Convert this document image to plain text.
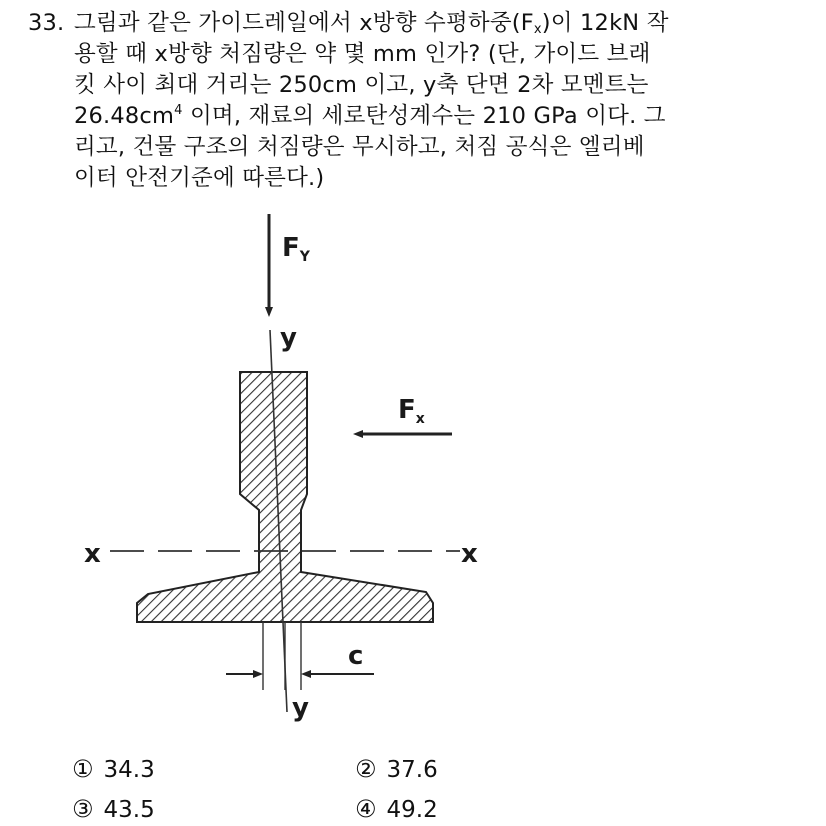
33. 그림과 같은 가이드레일에서 x방향 수평하중$(F_x)$이 12kN 작
용할 때 x방향 처짐량은 약 몇 mm 인가? (단, 가이드 브래
킷 사이 최대 거리는 250cm 이고, y축 단면 2차 모멘트는
$26.48cm^4$ 이며, 재료의 세로탄성계수는 210 GPa 이다. 그
리고, 건물 구조의 처짐량은 무시하고, 처짐 공식은 엘리베
이터 안전기준에 따른다.)
FY
Fx
y
y
x	x
c
① 34.3	② 37.6
③ 43.5	④ 49.2
